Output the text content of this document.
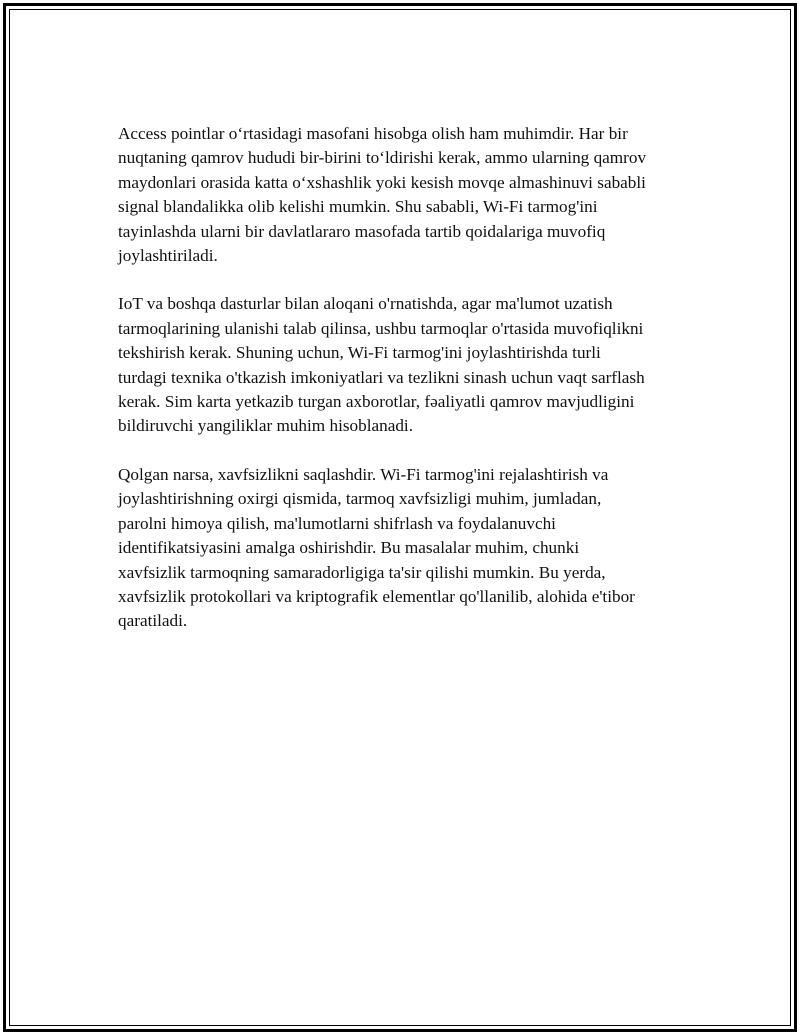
Access pointlar o‘rtasidagi masofani hisobga olish ham muhimdir. Har bir
nuqtaning qamrov hududi bir-birini to‘ldirishi kerak, ammo ularning qamrov
maydonlari orasida katta o‘xshashlik yoki kesish movqe almashinuvi sababli
signal blandalikka olib kelishi mumkin. Shu sababli, Wi-Fi tarmog'ini
tayinlashda ularni bir davlatlararo masofada tartib qoidalariga muvofiq
joylashtiriladi.

IoT va boshqa dasturlar bilan aloqani o'rnatishda, agar ma'lumot uzatish
tarmoqlarining ulanishi talab qilinsa, ushbu tarmoqlar o'rtasida muvofiqlikni
tekshirish kerak. Shuning uchun, Wi-Fi tarmog'ini joylashtirishda turli
turdagi texnika o'tkazish imkoniyatlari va tezlikni sinash uchun vaqt sarflash
kerak. Sim karta yetkazib turgan axborotlar, fəaliyatli qamrov mavjudligini
bildiruvchi yangiliklar muhim hisoblanadi.

Qolgan narsa, xavfsizlikni saqlashdir. Wi-Fi tarmog'ini rejalashtirish va
joylashtirishning oxirgi qismida, tarmoq xavfsizligi muhim, jumladan,
parolni himoya qilish, ma'lumotlarni shifrlash va foydalanuvchi
identifikatsiyasini amalga oshirishdir. Bu masalalar muhim, chunki
xavfsizlik tarmoqning samaradorligiga ta'sir qilishi mumkin. Bu yerda,
xavfsizlik protokollari va kriptografik elementlar qo'llanilib, alohida e'tibor
qaratiladi.
